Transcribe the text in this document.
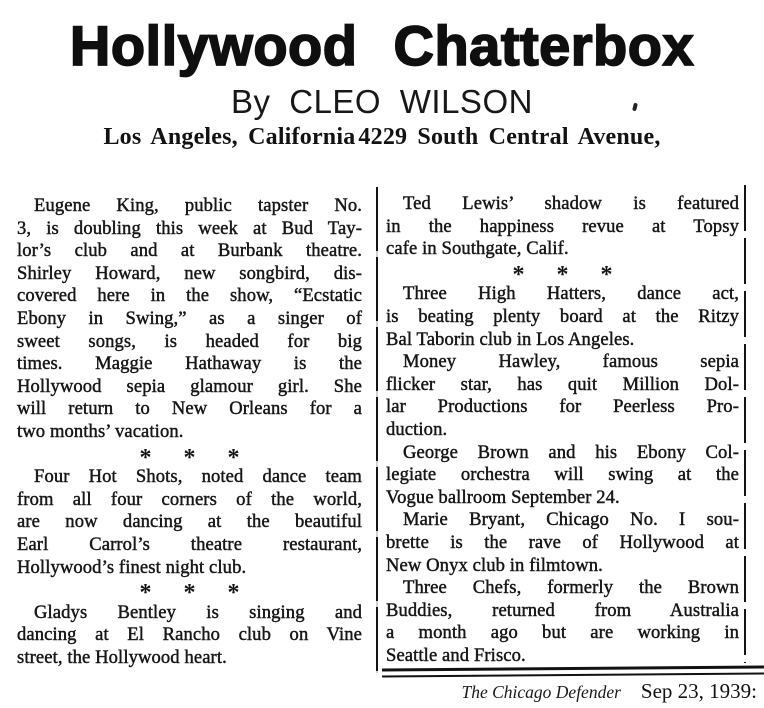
Hollywood Chatterbox
By CLEO WILSON
Los Angeles, California 4229 South Central Avenue,
Eugene King, public tapster No.
3, is doubling this week at Bud Tay-
lor’s club and at Burbank theatre.
Shirley Howard, new songbird, dis-
covered here in the show, “Ecstatic
Ebony in Swing,” as a singer of
sweet songs, is headed for big
times. Maggie Hathaway is the
Hollywood sepia glamour girl. She
will return to New Orleans for a
two months’ vacation.
* * *
Four Hot Shots, noted dance team
from all four corners of the world,
are now dancing at the beautiful
Earl Carrol’s theatre restaurant,
Hollywood’s finest night club.
* * *
Gladys Bentley is singing and
dancing at El Rancho club on Vine
street, the Hollywood heart.
Ted Lewis’ shadow is featured
in the happiness revue at Topsy
cafe in Southgate, Calif.
* * *
Three High Hatters, dance act,
is beating plenty board at the Ritzy
Bal Taborin club in Los Angeles.
Money Hawley, famous sepia
flicker star, has quit Million Dol-
lar Productions for Peerless Pro-
duction.
George Brown and his Ebony Col-
legiate orchestra will swing at the
Vogue ballroom September 24.
Marie Bryant, Chicago No. I sou-
brette is the rave of Hollywood at
New Onyx club in filmtown.
Three Chefs, formerly the Brown
Buddies, returned from Australia
a month ago but are working in
Seattle and Frisco.
The Chicago Defender Sep 23, 1939:
